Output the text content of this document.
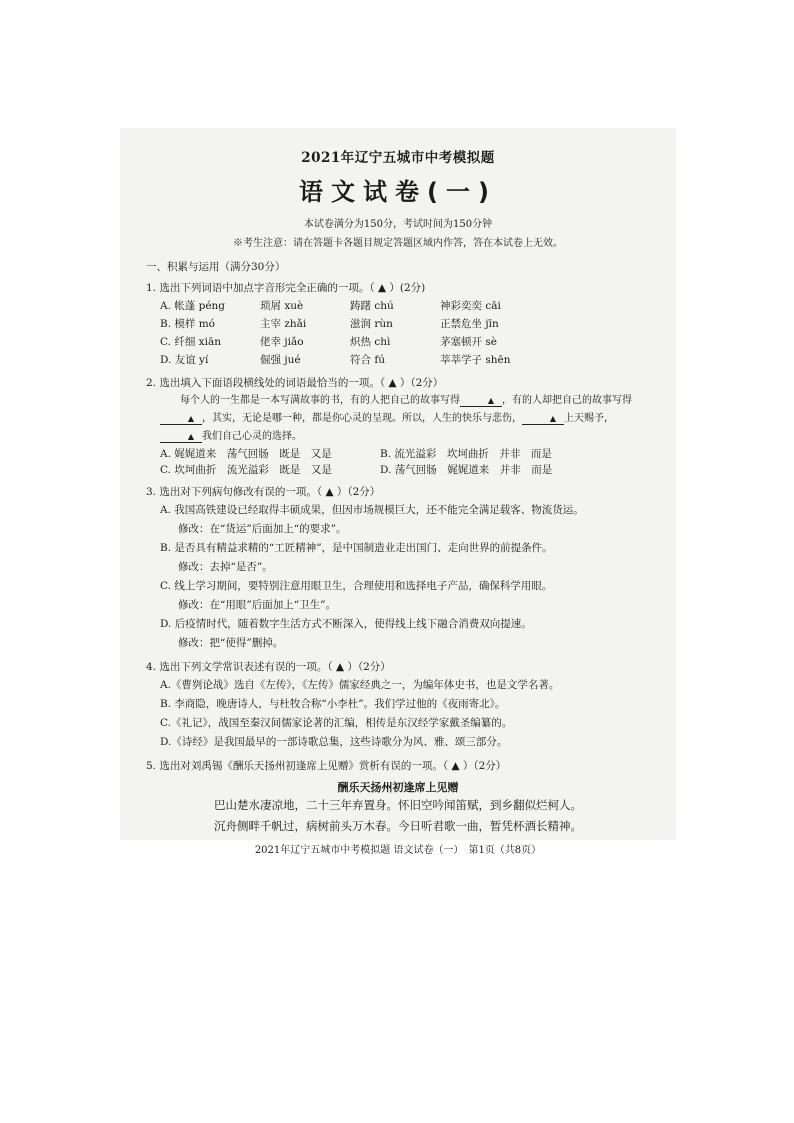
2021年辽宁五城市中考模拟题
语文试卷(一)
本试卷满分为150分，考试时间为150分钟
※考生注意：请在答题卡各题目规定答题区域内作答，答在本试卷上无效。
一、积累与运用（满分30分）
1. 选出下列词语中加点字音形完全正确的一项。（ ▲ ）(2分)
A. 帐蓬 péng	琐屑 xuè	踌躇 chú	神彩奕奕 cāi
B. 模样 mó	主宰 zhǎi	滋润 rùn	正禁危坐 jīn
C. 纤细 xiān	佬幸 jiǎo	炽热 chì	茅塞顿开 sè
D. 友谊 yí	倔强 jué	符合 fú	莘莘学子 shēn
2. 选出填入下面语段横线处的词语最恰当的一项。（ ▲ ）（2分）
每个人的一生都是一本写满故事的书，有的人把自己的故事写得	▲ ，有的人却把自己的故事写得▲ ，其实，无论是哪一种，都是你心灵的呈现。所以，人生的快乐与悲伤，	▲ 上天赐予，▲ 我们自己心灵的选择。
A. 娓娓道来　荡气回肠　既是　又是	B. 流光溢彩　坎坷曲折　并非　而是
C. 坎坷曲折　流光溢彩　既是　又是	D. 荡气回肠　娓娓道来　并非　而是
3. 选出对下列病句修改有误的一项。（ ▲ ）（2分）
A. 我国高铁建设已经取得丰硕成果，但因市场规模巨大，还不能完全满足载客、物流货运。
修改：在“货运”后面加上“的要求”。
B. 是否具有精益求精的“工匠精神”，是中国制造业走出国门、走向世界的前提条件。
修改：去掉“是否”。
C. 线上学习期间，要特别注意用眼卫生，合理使用和选择电子产品，确保科学用眼。
修改：在“用眼”后面加上“卫生”。
D. 后疫情时代，随着数字生活方式不断深入，使得线上线下融合消费双向提速。
修改：把“使得”删掉。
4. 选出下列文学常识表述有误的一项。（ ▲ ）（2分）
A.《曹刿论战》选自《左传》，《左传》儒家经典之一，为编年体史书，也是文学名著。
B. 李商隐，晚唐诗人，与杜牧合称“小李杜”。我们学过他的《夜雨寄北》。
C.《礼记》，战国至秦汉间儒家论著的汇编，相传是东汉经学家戴圣编纂的。
D.《诗经》是我国最早的一部诗歌总集，这些诗歌分为风、雅、颂三部分。
5. 选出对刘禹锡《酬乐天扬州初逢席上见赠》赏析有误的一项。（ ▲ ）（2分）
酬乐天扬州初逢席上见赠
巴山楚水凄凉地，二十三年弃置身。怀旧空吟闻笛赋，到乡翻似烂柯人。
沉舟侧畔千帆过，病树前头万木春。今日听君歌一曲，暂凭杯酒长精神。
2021年辽宁五城市中考模拟题 语文试卷（一）　第1页（共8页）
